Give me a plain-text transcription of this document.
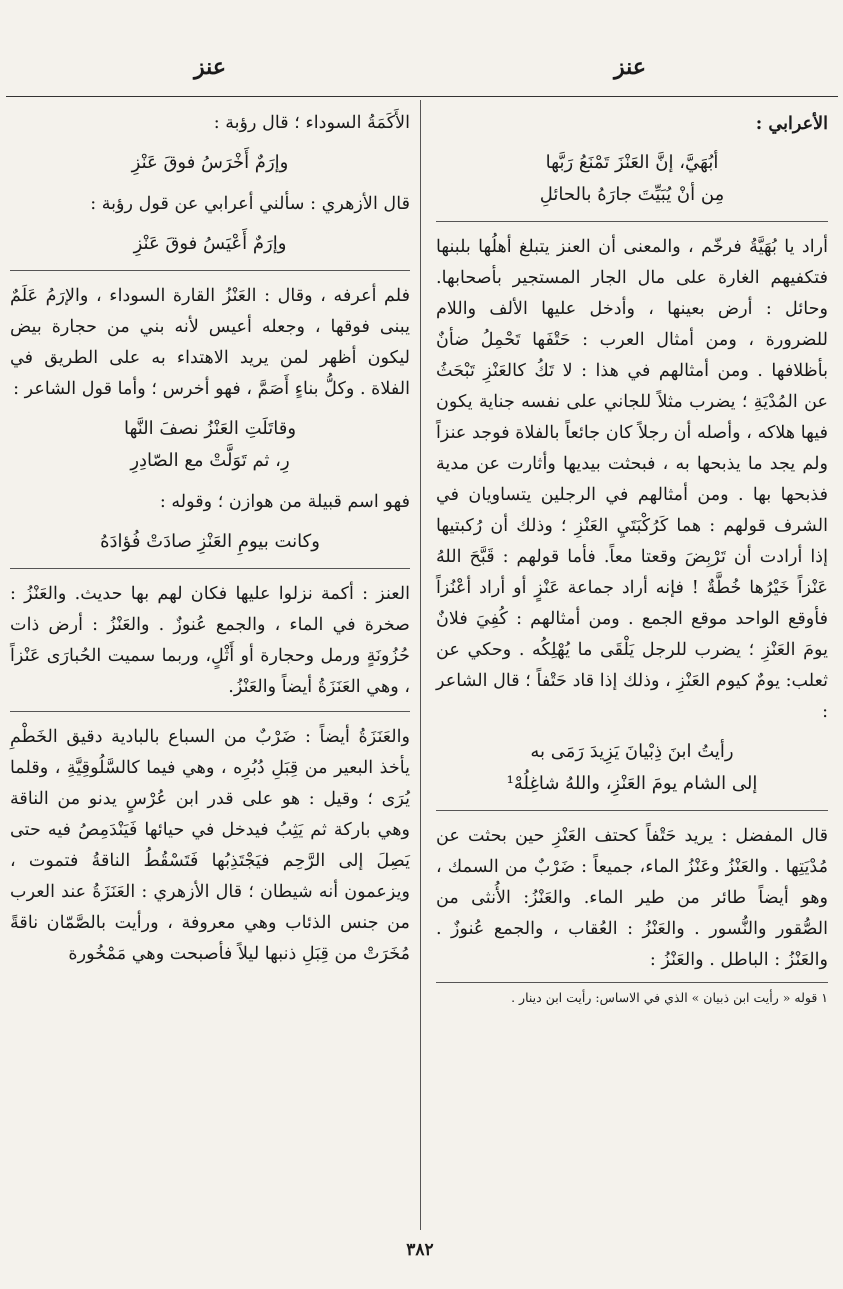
عنز
عنز

الأعرابي :

أبُهَيَّ، إنَّ العَنْزَ تَمْنَعُ رَبَّها
مِن أنْ يُبَيِّتَ جارَهُ بالحائلِ

أراد يا بُهَيَّةُ فرخّم ، والمعنى أن العنز يتبلغ أهلُها بلبنها فتكفيهم الغارة على مال الجار المستجير بأصحابها. وحائل : أرض بعينها ، وأدخل عليها الألف واللام للضرورة ، ومن أمثال العرب : حَتْفَها تَحْمِلُ ضأنٌ بأظلافها . ومن أمثالهم في هذا : لا تَكُ كالعَنْزِ تَبْحَثُ عن المُدْيَةِ ؛ يضرب مثلاً للجاني على نفسه جناية يكون فيها هلاكه ، وأصله أن رجلاً كان جائعاً بالفلاة فوجد عنزاً ولم يجد ما يذبحها به ، فبحثت بيديها وأثارت عن مدية فذبحها بها . ومن أمثالهم في الرجلين يتساويان في الشرف قولهم : هما كَرُكْبَتَيِ العَنْزِ ؛ وذلك أن رُكبتيها إذا أرادت أن تَرْبِضَ وقعتا معاً. فأما قولهم : قَبَّحَ اللهُ عَنْزاً خَيْرُها خُطَّةٌ ! فإنه أراد جماعة عَنْزٍ أو أراد أعْنُزاً فأوقع الواحد موقع الجمع . ومن أمثالهم : كُفِيَ فلانٌ يومَ العَنْزِ ؛ يضرب للرجل يَلْقَى ما يُهْلِكُه . وحكي عن ثعلب: يومٌ كيوم العَنْزِ ، وذلك إذا قاد حَتْفاً ؛ قال الشاعر :

رأيتُ ابنَ ذِبْيانَ يَزِيدَ رَمَى به
إلى الشام يومَ العَنْزِ، واللهُ شاغِلُهْ¹

قال المفضل : يريد حَتْفاً كحتف العَنْزِ حين بحثت عن مُدْيَتِها . والعَنْزُ وعَنْزُ الماء، جميعاً : ضَرْبٌ من السمك ، وهو أيضاً طائر من طير الماء. والعَنْزُ: الأُنثى من الصُّقور والنُّسور . والعَنْزُ : العُقاب ، والجمع عُنوزٌ . والعَنْزُ : الباطل . والعَنْزُ :

١ قوله « رأيت ابن ذبيان » الذي في الاساس: رأيت ابن دينار .

الأَكَمَةُ السوداء ؛ قال رؤبة :

وإرَمٌ أَخْرَسُ فوقَ عَنْزِ

قال الأزهري : سألني أعرابي عن قول رؤبة :

وإرَمٌ أَعْيَسُ فوقَ عَنْزِ

فلم أعرفه ، وقال : العَنْزُ القارة السوداء ، والإرَمُ عَلَمٌ يبنى فوقها ، وجعله أعيس لأنه بني من حجارة بيض ليكون أظهر لمن يريد الاهتداء به على الطريق في الفلاة . وكلُّ بناءٍ أَصَمَّ ، فهو أخرس ؛ وأما قول الشاعر :

وقاتَلَتِ العَنْزُ نصفَ النَّها
رِ، ثم تَوَلَّتْ مع الصّادِرِ

فهو اسم قبيلة من هوازن ؛ وقوله :

وكانت بيومِ العَنْزِ صادَتْ فُؤادَهُ

العنز : أكمة نزلوا عليها فكان لهم بها حديث. والعَنْزُ : صخرة في الماء ، والجمع عُنوزٌ . والعَنْزُ : أرض ذات حُزُونَةٍ ورمل وحجارة أو أَثْلٍ، وربما سميت الحُبارَى عَنْزاً ، وهي العَنَزَةُ أيضاً والعَنْزُ.

والعَنَزَةُ أيضاً : ضَرْبٌ من السباع بالبادية دقيق الخَطْمِ يأخذ البعير من قِبَلِ دُبُرِه ، وهي فيما كالسَّلُوقِيَّةِ ، وقلما يُرَى ؛ وقيل : هو على قدر ابن عُرْسٍ يدنو من الناقة وهي باركة ثم يَثِبُ فيدخل في حيائها فَيَنْدَمِصُ فيه حتى يَصِلَ إلى الرَّحِم فيَجْتَذِبُها فَتَسْقُطُ الناقةُ فتموت ، ويزعمون أنه شيطان ؛ قال الأزهري : العَنَزَةُ عند العرب من جنس الذئاب وهي معروفة ، ورأيت بالصَّمّان ناقةً مُخَرَتْ من قِبَلِ ذنبها ليلاً فأصبحت وهي مَمْخُورة

٣٨٢
